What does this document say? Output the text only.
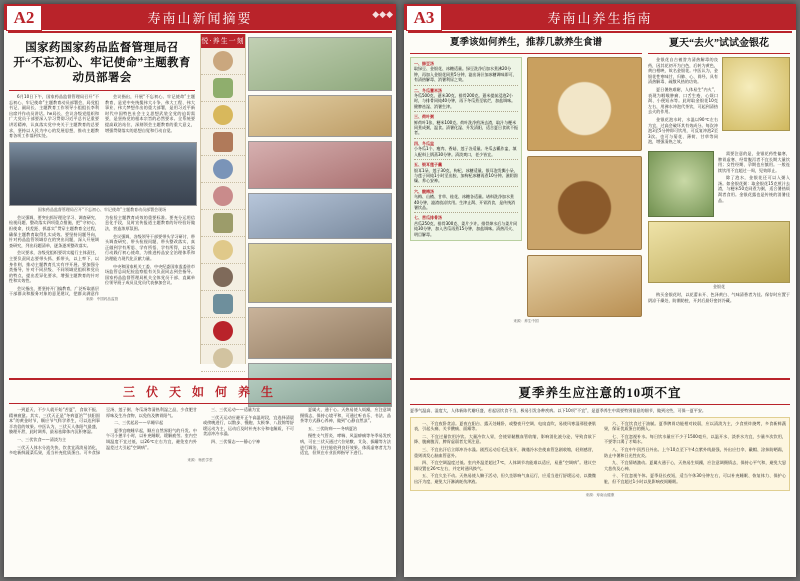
A2	寿南山新闻摘要	◆◆◆
悦·养生一刻
国家药国家药品监督管理局召开“不忘初心、牢记使命”主题教育动员部署会

6月10日下午，国家药品监督管理局召开“不忘初心、牢记使命”主题教育动员部署会，局党组书记、副局长、主题教育工作领导小组组长李利出席并作动员讲话。he局长、会议各级党组织和广大党员干部要深入学习贯彻习近平总书记重要讲话精神，认真落实党中央关于主题教育的总要求，坚持以人民为中心的发展思想，推动主题教育各项工作落到实处。

会议指出，开展“不忘初心、牢记使命”主题教育，是党中央统揽伟大斗争、伟大工程、伟大事业、伟大梦想作出的重大部署，是用习近平新时代中国特色社会主义思想武装全党的迫切需要，是坚持党的根本宗旨的必然要求。全系统要提高政治站位，深刻领会主题教育的重大意义，增强贯彻落实的思想自觉和行动自觉。

国家药品监督管理局召开“不忘初心、牢记使命”主题教育动员部署会现场

会议强调，要突出抓好理论学习、调查研究、检视问题、整改落实四项重点措施，把“守初心、担使命，找差距、抓落实”贯穿主题教育全过程，确保主题教育取得扎实成效。要坚持问题导向，针对药品监管领域存在的突出问题，深入开展调查研究，列出问题清单，逐条逐项整改落实。

会议要求，各级党组织要切实履行主体责任，主要负责同志要带头抓、抓带头，以上率下、以身作则，推动主题教育扎实有序开展。要加强分类指导，针对不同层级、不同领域党组织和党员的特点，提出差异化要求，增强主题教育的针对性和实效性。

会议指出，要坚持开门搞教育，广泛听取基层干部群众和服务对象的意见建议，把群众满意作为检验主题教育成效的重要标准。要充分运用信息化手段，及时宣传报道主题教育的好经验好做法，营造浓厚氛围。

会议强调，各级领导干部要带头学习研讨、带头调查研究、带头检视问题、带头整改落实，真正做到学有所思、学有所悟、学有所得，以实际行动践行初心使命，为推进药品安全治理体系和治理能力现代化贡献力量。

中央和国家机关工委、中央纪委国家监委驻市场监管总局纪检监察组有关负责同志到会指导。国家药品监督管理局机关全体党员干部、直属单位领导班子成员及党员代表参加会议。

来源：中国药品监管
三 伏 天 如 何 养 生

一到夏天，不少人就开始“苦夏”，食欲不振、精神疲惫。其实，三伏天正是“冬病夏治”“扶阳固本”的黄金时节，顺应节气科学养生，可以达到事半功倍的效果。中医认为，三伏天人体阳气最盛，腠理开泄，此时调养，最易祛除体内沉积寒湿。

一、三伏饮食——清淡为主

三伏天人体水分流失快，饮食宜清淡易消化，多吃新鲜蔬菜瓜果，适当补充优质蛋白。可多食绿豆汤、莲子粥、冬瓜汤等清热利湿之品，少食肥甘厚味及生冷食物，以免伤及脾胃阳气。

二、三伏起居——早睡早起

夏季宜晚睡早起，顺应自然界阳气的升发。中午可小憩半小时，以补充睡眠、缓解疲劳。室内空调温度不宜过低，以26℃左右为宜，避免室内外温差过大引起“空调病”。

三、三伏运动——适量为宜

三伏天运动应避开正午高温时段，宜选择清晨或傍晚进行，以散步、慢跑、太极拳、八段锦等舒缓运动为主，运动后及时补充水分和电解质，不可贪凉冲冷水澡。

四、三伏情志——静心宁神

夏属火，通于心。天热易使人烦躁，应注意调摄情志，保持心境平和，可通过听音乐、书法、品茶等方式静心养神，做到“心静自然凉”。

五、三伏防病——冬病夏治

慢性支气管炎、哮喘、风湿痹痛等冬季易发疾病，可在三伏天通过穴位贴敷、艾灸、拔罐等方法进行调治，往往能收到良好效果。体质虚寒者尤为适宜，但须在专业医师指导下进行。

来源：杨医学堂
A3	寿南山养生指南
夏季该如何养生，推荐几款养生食谱
一、绿豆汤
取绿豆、金银花、冰糖适量。绿豆洗净后加水煮沸20分钟，再加入金银花同煮5分钟，滤出汤汁加冰糖调味即可，有清热解毒、消暑利尿之效。
二、冬瓜薏米汤
冬瓜500克、薏米30克、排骨200克。薏米提前浸泡2小时，与排骨同炖40分钟，再下冬瓜煮至软烂，加盐调味。健脾祛湿、消暑生津。
三、荷叶粥
鲜荷叶1张、粳米100克。荷叶洗净煎汤去渣，取汁与粳米同煮成粥，温食。清暑化湿、升发清阳，适合夏日食欲不振者。
四、冬瓜盅
小冬瓜1个、瘦肉、香菇、莲子各适量。冬瓜去瓤作盅，填入配料上锅蒸30分钟。清淡爽口，老少皆宜。
五、银耳莲子羹
银耳1朵、莲子30克、枸杞、冰糖适量。银耳泡发撕小朵，与莲子同炖1小时至出胶，加枸杞冰糖再煮10分钟。滋阴润燥、养心安神。
六、酸梅汤
乌梅、山楂、甘草、桂花、冰糖各适量。诸料洗净加水煮40分钟，滤渣放凉饮用。生津止渴、开胃消食，是传统消暑饮品。
七、苦瓜排骨汤
苦瓜250克、排骨300克、姜片少许。排骨焯水后与姜片同炖30分钟，加入苦瓜再煮15分钟，加盐调味。清热泻火、明目解毒。
来源：养生中国
夏天“去火”试试金银花

金银花自古被誉为清热解毒的良药，因其花初开为白色，后转为黄色，黄白相映，故名金银花。中医认为，金银花性寒味甘，归肺、心、胃经，具有清热解毒、疏散风热的功效。

夏日暑热难耐，人体易生“内火”，表现为咽喉肿痛、口舌生疮、心烦口渴、小便短赤等。此时取金银花10克左右，用沸水冲泡代茶饮，可起到清热去火的作用。

金银花泡水时，水温以90℃左右为宜，过高会破坏其有效成分。每次冲泡3至5分钟即可饮用，可反复冲泡2至3次。也可与菊花、薄荷、甘草等同泡，增强清热之效。

需要注意的是，金银花药性偏寒，脾胃虚寒、经常腹泻者不宜长期大量饮用；女性经期、孕期也应慎用。一般连续饮用不宜超过一周，见效即止。

除了泡水，金银花还可以入粥入汤。如金银花粥：取金银花15克煎汁去渣，与粳米50克同煮为粥，适合暑热烦渴者食用。金银花露也是传统的消暑佳品。

金银花

购买金银花时，以花蕾未开、色泽黄白、气味清香者为佳。保存时应置于阴凉干燥处，防潮防蛀，开封后最好密封冷藏。

夏季养生应注意的10项不宜
夏季气温高、湿度大，人体新陈代谢旺盛，若起居饮食不当，极易引发各种疾病。以下10项“不宜”，是夏季养生中需要特别留意的细节，做到这些，可保一夏平安。

一、不宜夜卧贪凉。夏夜在阳台、露天处睡卧，或整夜开空调、电扇直吹，易使风寒湿邪侵袭肌表，引起头痛、关节酸痛、面瘫等。

二、不宜过量饮用冷饮。大量冷饮入胃，会使胃黏膜血管收缩，影响消化液分泌，导致食欲下降、腹痛腹泻，脾胃虚弱者尤须注意。

三、不宜出汗后立即冲冷水澡。剧烈运动后毛孔张开，骤遇冷水会使血管急剧收缩，轻则感冒，重则诱发心脑血管意外。

四、不宜空调温度过低。室内外温差超过7℃，人体调节功能难以适应，易患“空调病”。建议空调设置在26℃左右，并定时通风换气。

五、不宜久坐不动。天热易使人懒于活动，但久坐影响气血运行，应适当进行舒缓运动，以微微出汗为度，避免大汗淋漓耗伤津液。

六、不宜饮食过于油腻。夏季脾胃功能相对较弱，应以清淡为主，少食煎炸烧烤，多食新鲜蔬果，保证优质蛋白的摄入。

七、不宜忽视补水。每日饮水量应不少于1500毫升，以温开水、淡茶水为宜，少量多次饮用，不要等口渴了才喝水。

八、不宜中午顶烈日外出。上午10点至下午4点紫外线最强，外出应打伞、戴帽、涂抹防晒霜，防止中暑和日光性皮炎。

九、不宜情绪激动。夏属火通于心，天热易生烦躁，应注意调摄情志，保持心平气和，避免大怒大悲伤及心神。

十、不宜忽视午休。夏季昼长夜短，适当午休30分钟左右，可以补充睡眠、恢复体力、保护心脏，但不宜超过1小时以免影响夜间睡眠。

来源：寿南山健康
